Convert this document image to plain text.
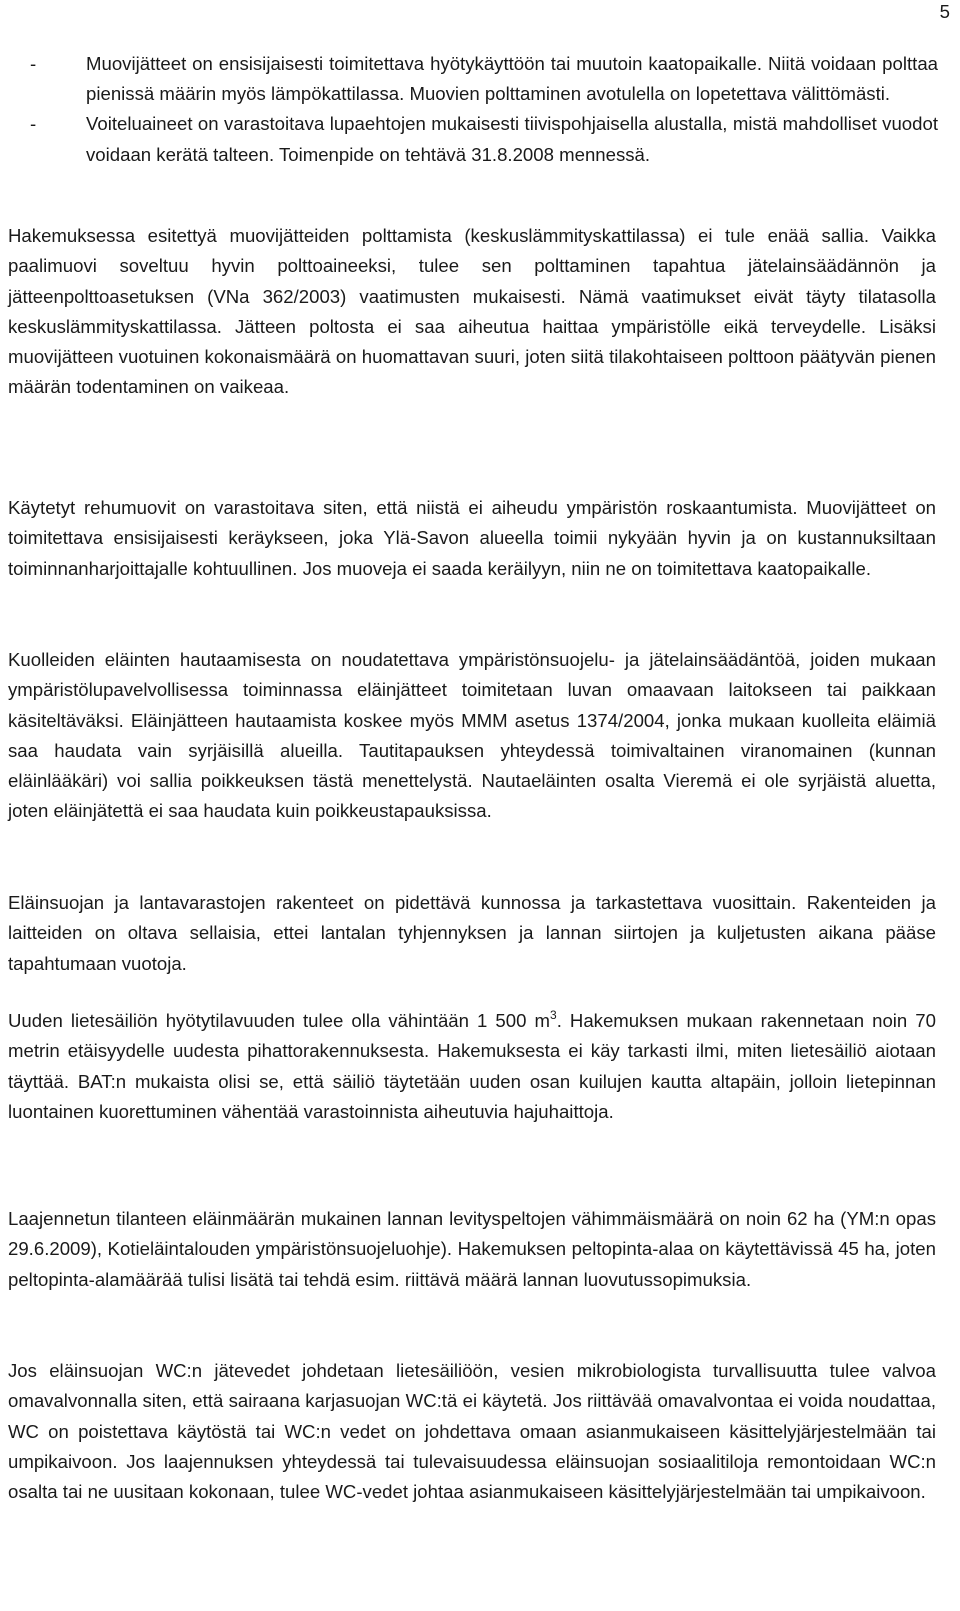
5
-	Muovijätteet on ensisijaisesti toimitettava hyötykäyttöön tai muutoin kaatopaikalle. Niitä voidaan polttaa pienissä määrin myös lämpökattilassa. Muovien polttaminen avotulella on lopetettava välittömästi.
-	Voiteluaineet on varastoitava lupaehtojen mukaisesti tiivispohjaisella alustalla, mistä mahdolliset vuodot voidaan kerätä talteen. Toimenpide on tehtävä 31.8.2008 mennessä.

Hakemuksessa esitettyä muovijätteiden polttamista (keskuslämmityskattilassa) ei tule enää sallia. Vaikka paalimuovi soveltuu hyvin polttoaineeksi, tulee sen polttaminen tapahtua jätelainsäädännön ja jätteenpolttoasetuksen (VNa 362/2003) vaatimusten mukaisesti. Nämä vaatimukset eivät täyty tilatasolla keskuslämmityskattilassa. Jätteen poltosta ei saa aiheutua haittaa ympäristölle eikä terveydelle. Lisäksi muovijätteen vuotuinen kokonaismäärä on huomattavan suuri, joten siitä tilakohtaiseen polttoon päätyvän pienen määrän todentaminen on vaikeaa.

Käytetyt rehumuovit on varastoitava siten, että niistä ei aiheudu ympäristön roskaantumista. Muovijätteet on toimitettava ensisijaisesti keräykseen, joka Ylä-Savon alueella toimii nykyään hyvin ja on kustannuksiltaan toiminnanharjoittajalle kohtuullinen. Jos muoveja ei saada keräilyyn, niin ne on toimitettava kaatopaikalle.

Kuolleiden eläinten hautaamisesta on noudatettava ympäristönsuojelu- ja jätelainsäädäntöä, joiden mukaan ympäristölupavelvollisessa toiminnassa eläinjätteet toimitetaan luvan omaavaan laitokseen tai paikkaan käsiteltäväksi. Eläinjätteen hautaamista koskee myös MMM asetus 1374/2004, jonka mukaan kuolleita eläimiä saa haudata vain syrjäisillä alueilla. Tautitapauksen yhteydessä toimivaltainen viranomainen (kunnan eläinlääkäri) voi sallia poikkeuksen tästä menettelystä. Nautaeläinten osalta Vieremä ei ole syrjäistä aluetta, joten eläinjätettä ei saa haudata kuin poikkeustapauksissa.

Eläinsuojan ja lantavarastojen rakenteet on pidettävä kunnossa ja tarkastettava vuosittain. Rakenteiden ja laitteiden on oltava sellaisia, ettei lantalan tyhjennyksen ja lannan siirtojen ja kuljetusten aikana pääse tapahtumaan vuotoja.

Uuden lietesäiliön hyötytilavuuden tulee olla vähintään 1 500 $m^3$. Hakemuksen mukaan rakennetaan noin 70 metrin etäisyydelle uudesta pihattorakennuksesta. Hakemuksesta ei käy tarkasti ilmi, miten lietesäiliö aiotaan täyttää. BAT:n mukaista olisi se, että säiliö täytetään uuden osan kuilujen kautta altapäin, jolloin lietepinnan luontainen kuorettuminen vähentää varastoinnista aiheutuvia hajuhaittoja.

Laajennetun tilanteen eläinmäärän mukainen lannan levityspeltojen vähimmäismäärä on noin 62 ha (YM:n opas 29.6.2009), Kotieläintalouden ympäristönsuojeluohje). Hakemuksen peltopinta-alaa on käytettävissä 45 ha, joten peltopinta-alamäärää tulisi lisätä tai tehdä esim. riittävä määrä lannan luovutussopimuksia.

Jos eläinsuojan WC:n jätevedet johdetaan lietesäiliöön, vesien mikrobiologista turvallisuutta tulee valvoa omavalvonnalla siten, että sairaana karjasuojan WC:tä ei käytetä. Jos riittävää omavalvontaa ei voida noudattaa, WC on poistettava käytöstä tai WC:n vedet on johdettava omaan asianmukaiseen käsittelyjärjestelmään tai umpikaivoon. Jos laajennuksen yhteydessä tai tulevaisuudessa eläinsuojan sosiaalitiloja remontoidaan WC:n osalta tai ne uusitaan kokonaan, tulee WC-vedet johtaa asianmukaiseen käsittelyjärjestelmään tai umpikaivoon.
